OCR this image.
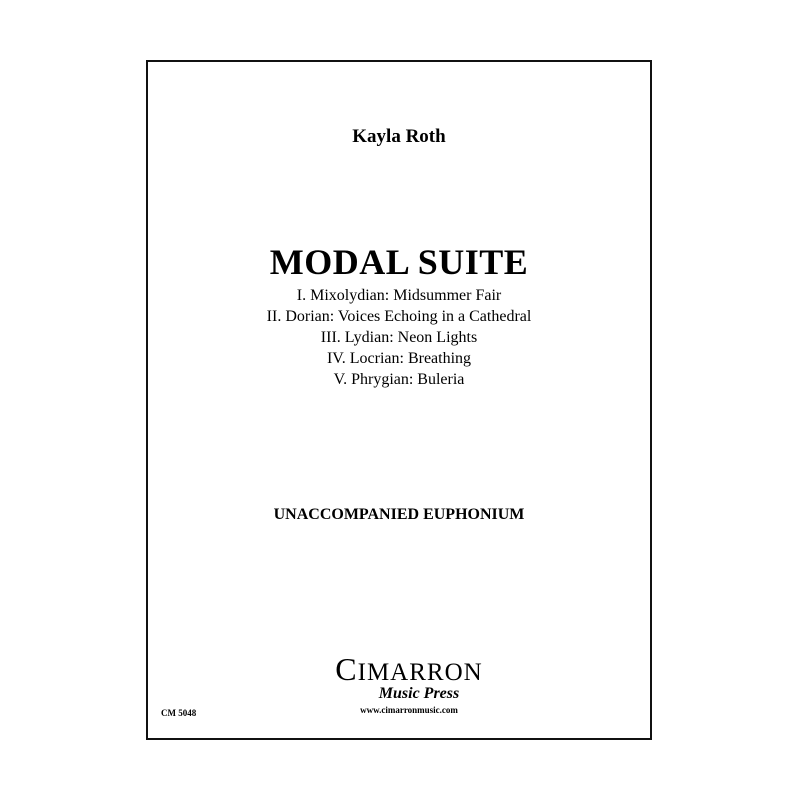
Kayla Roth
MODAL SUITE
I. Mixolydian: Midsummer Fair
II. Dorian: Voices Echoing in a Cathedral
III. Lydian: Neon Lights
IV. Locrian: Breathing
V. Phrygian: Buleria
UNACCOMPANIED EUPHONIUM
CM 5048
CIMARRON
Music Press
www.cimarronmusic.com
